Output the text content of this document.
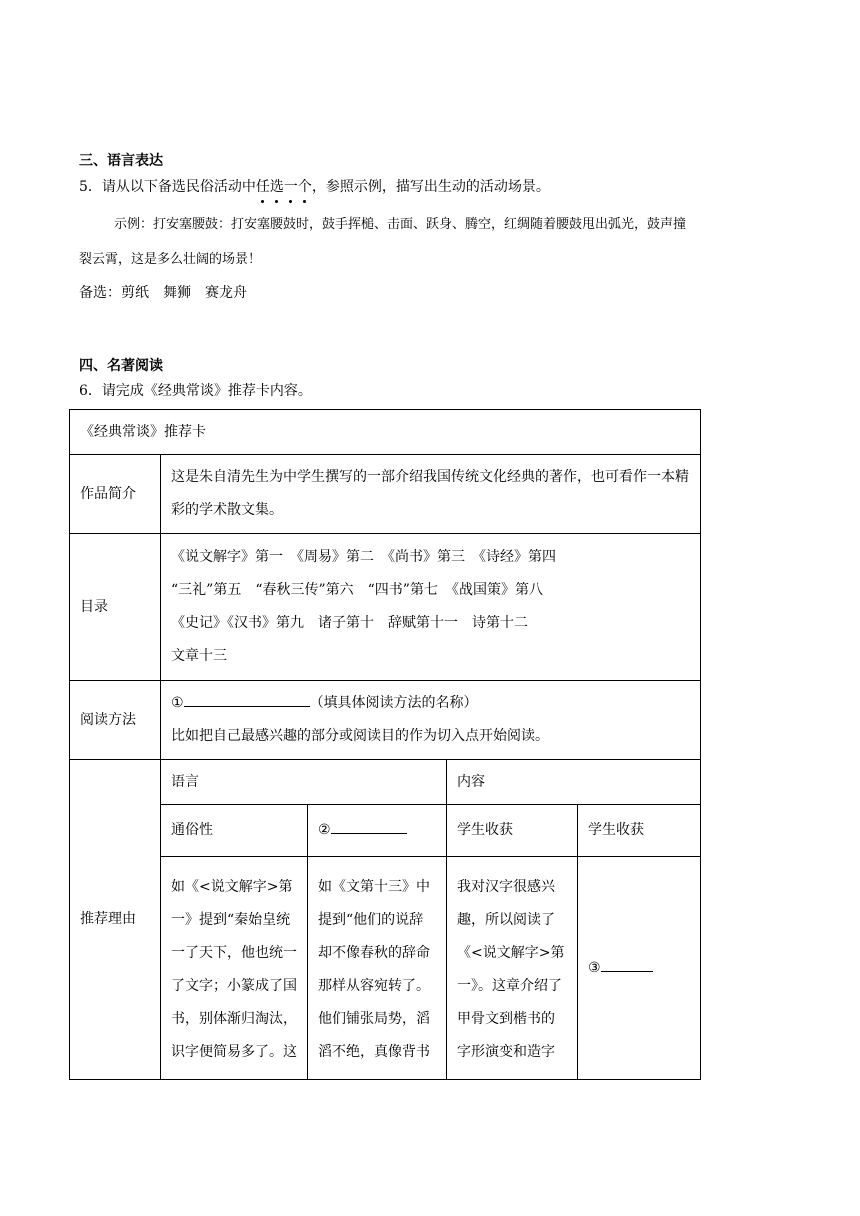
三、语言表达
5．请从以下备选民俗活动中任选一个，参照示例，描写出生动的活动场景。
示例：打安塞腰鼓：打安塞腰鼓时，鼓手挥槌、击面、跃身、腾空，红绸随着腰鼓甩出弧光，鼓声撞
裂云霄，这是多么壮阔的场景！
备选：剪纸　舞狮　赛龙舟
四、名著阅读
6．请完成《经典常谈》推荐卡内容。
《经典常谈》推荐卡				
作品简介	这是朱自清先生为中学生撰写的一部介绍我国传统文化经典的著作，也可看作一本精彩的学术散文集。			

目录	《说文解字》第一　《周易》第二　《尚书》第三　《诗经》第四
“三礼”第五　“春秋三传”第六　“四书”第七　《战国策》第八
《史记》《汉书》第九　诸子第十　辞赋第十一　诗第十二
文章十三			

阅读方法	① （填具体阅读方法的名称）
比如把自己最感兴趣的部分或阅读目的作为切入点开始阅读。			

推荐理由	语言		内容	
	通俗性	②	学生收获	学生收获

	如《<说文解字>第一》提到“秦始皇统一了天下，他也统一了文字；小篆成了国书，别体渐归淘汰，识字便简易多了。这	如《文第十三》中提到“他们的说辞却不像春秋的辞命那样从容宛转了。他们铺张局势，滔滔不绝，真像背书	我对汉字很感兴趣，所以阅读了《<说文解字>第一》。这章介绍了甲骨文到楷书的字形演变和造字	③
